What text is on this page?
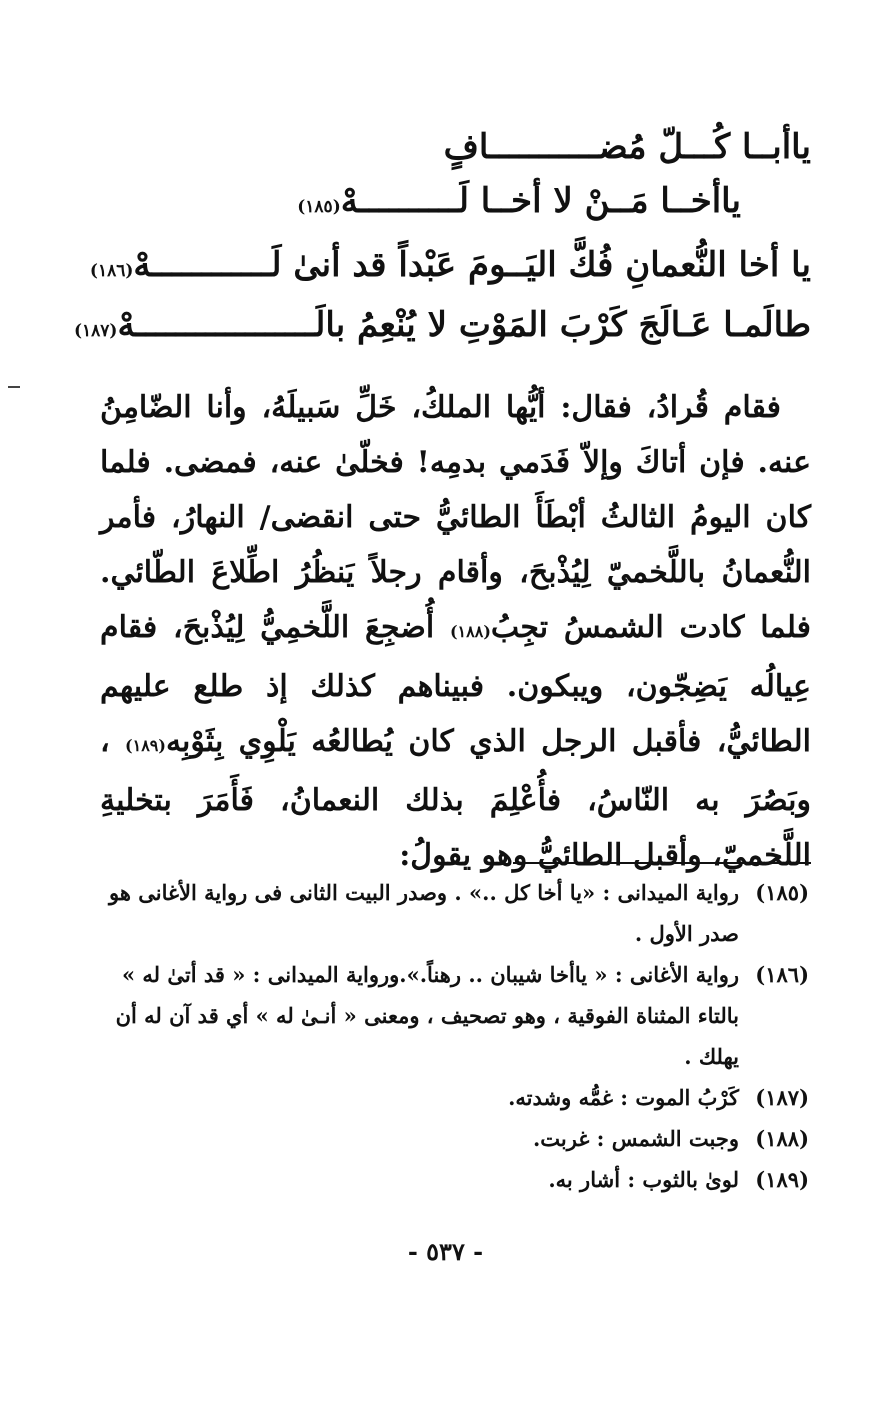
ياأبــا كُـــلّ مُضـــــــــــافٍ
ياأخــا مَــنْ لا أخــا لَــــــــــهْ(١٨٥)
يا أخا النُّعمانِ فُكَّ اليَــومَ عَبْداً قد أنىٰ لَــــــــــــهْ(١٨٦)
طالَمـا عَـالَجَ كَرْبَ المَوْتِ لا يُنْعِمُ بالَــــــــــــــــــهْ(١٨٧)
 فقام قُرادُ، فقال: أيُّها الملكُ، خَلِّ سَبيلَهُ، وأنا الضّامِنُ عنه. فإن أتاكَ وإلاّ فَدَمي بدمِه! فخلّىٰ عنه، فمضى. فلما كان اليومُ الثالثُ أبْطَأَ الطائيُّ حتى انقضى/ النهارُ، فأمر النُّعمانُ باللَّخميّ لِيُذْبحَ، وأقام رجلاً يَنظُرُ اطِّلاعَ الطّائي. فلما كادت الشمسُ تجِبُ(١٨٨) أُضجِعَ اللَّخمِيُّ لِيُذْبحَ، فقام عِيالُه يَضِجّون، ويبكون. فبيناهم كذلك إذ طلع عليهم الطائيُّ، فأقبل الرجل الذي كان يُطالعُه يَلْوِي بِثَوْبِه(١٨٩) ، وبَصُرَ به النّاسُ، فأُعْلِمَ بذلك النعمانُ، فَأَمَرَ بتخليةِ اللَّخميّ، وأقبل الطائيُّ وهو يقولُ:
(١٨٥)
رواية الميدانى : «يا أخا كل ..» . وصدر البيت الثانى فى رواية الأغانى هو صدر الأول .
(١٨٦)
رواية الأغانى : « ياأخا شيبان .. رهناً.».ورواية الميدانى : « قد أتىٰ له » بالتاء المثناة الفوقية ، وهو تصحيف ، ومعنى « أنـىٰ له » أي قد آن له أن يهلك .
(١٨٧)
كَرْبُ الموت : غمُّه وشدته.
(١٨٨)
وجبت الشمس : غربت.
(١٨٩)
لوىٰ بالثوب : أشار به.
- ٥٣٧ -
